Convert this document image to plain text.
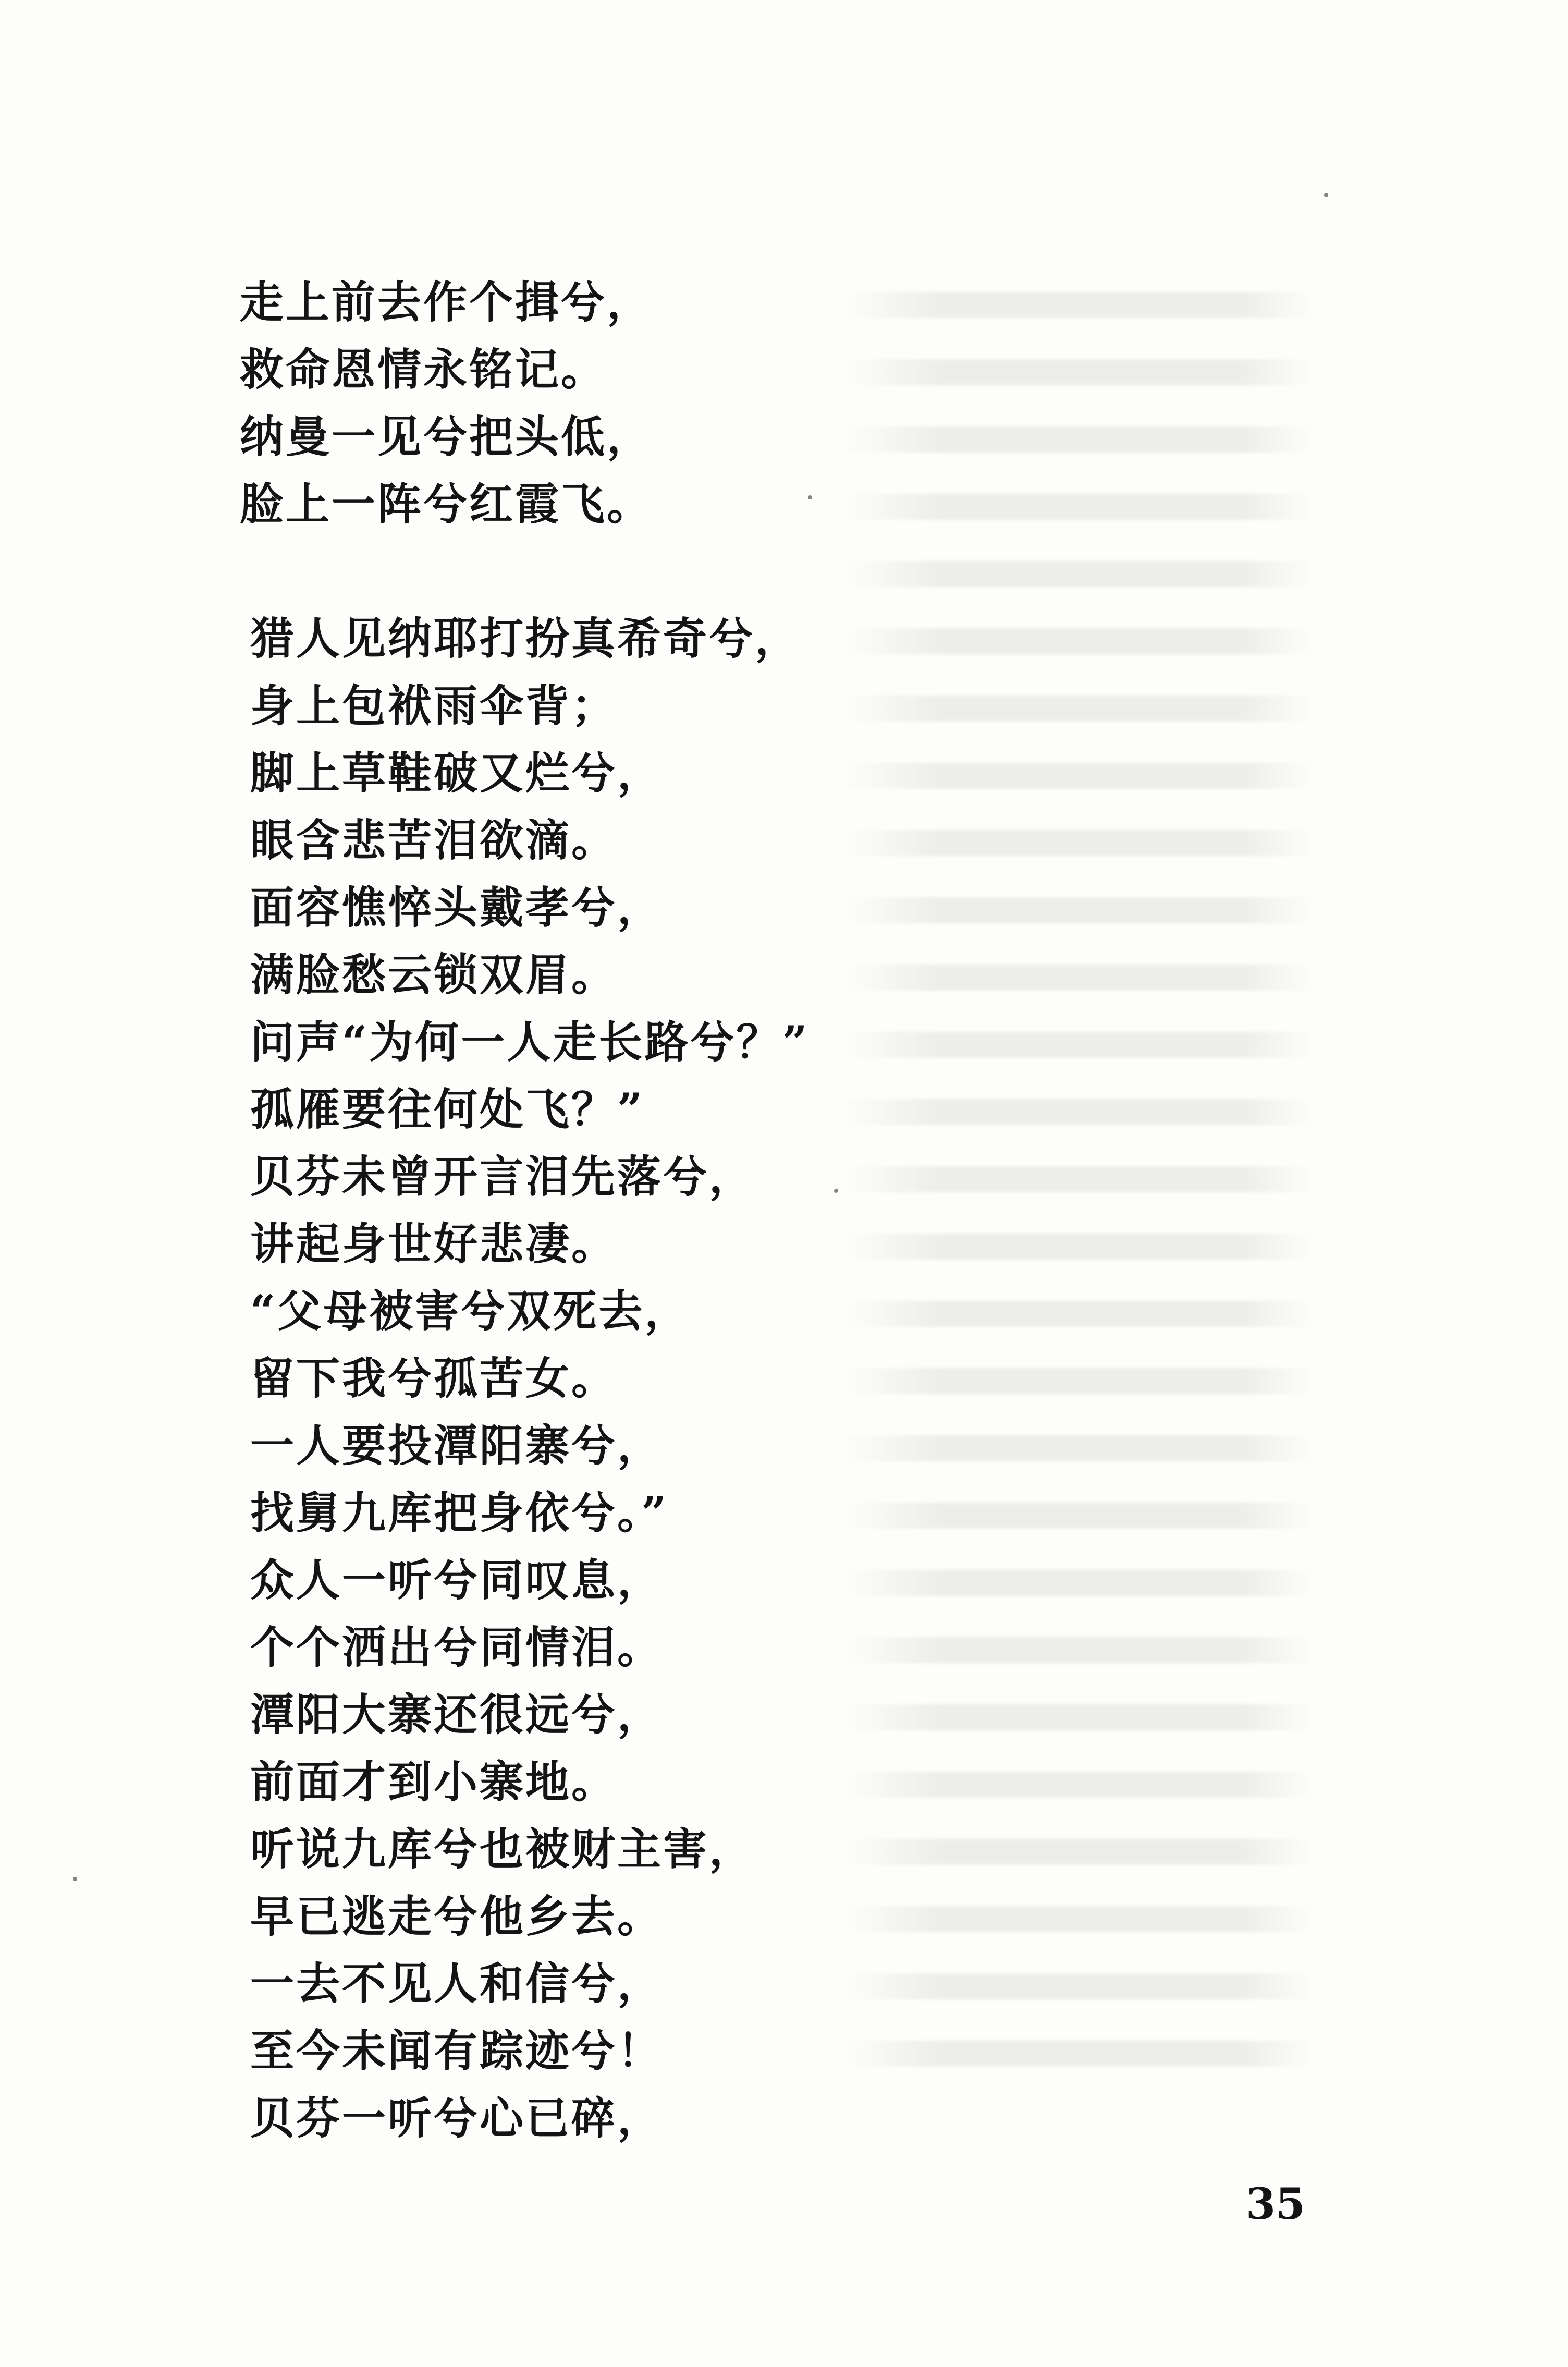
走上前去作个揖兮，
救命恩情永铭记。
纳曼一见兮把头低，
脸上一阵兮红霞飞。
猎人见纳耶打扮真希奇兮，
身上包袱雨伞背；
脚上草鞋破又烂兮，
眼含悲苦泪欲滴。
面容憔悴头戴孝兮，
满脸愁云锁双眉。
问声“为何一人走长路兮？”
孤雁要往何处飞？”
贝芬未曾开言泪先落兮，
讲起身世好悲凄。
“父母被害兮双死去，
留下我兮孤苦女。
一人要投潭阳寨兮，
找舅九库把身依兮。”
众人一听兮同叹息，
个个洒出兮同情泪。
潭阳大寨还很远兮，
前面才到小寨地。
听说九库兮也被财主害，
早已逃走兮他乡去。
一去不见人和信兮，
至今未闻有踪迹兮！
贝芬一听兮心已碎，
35
